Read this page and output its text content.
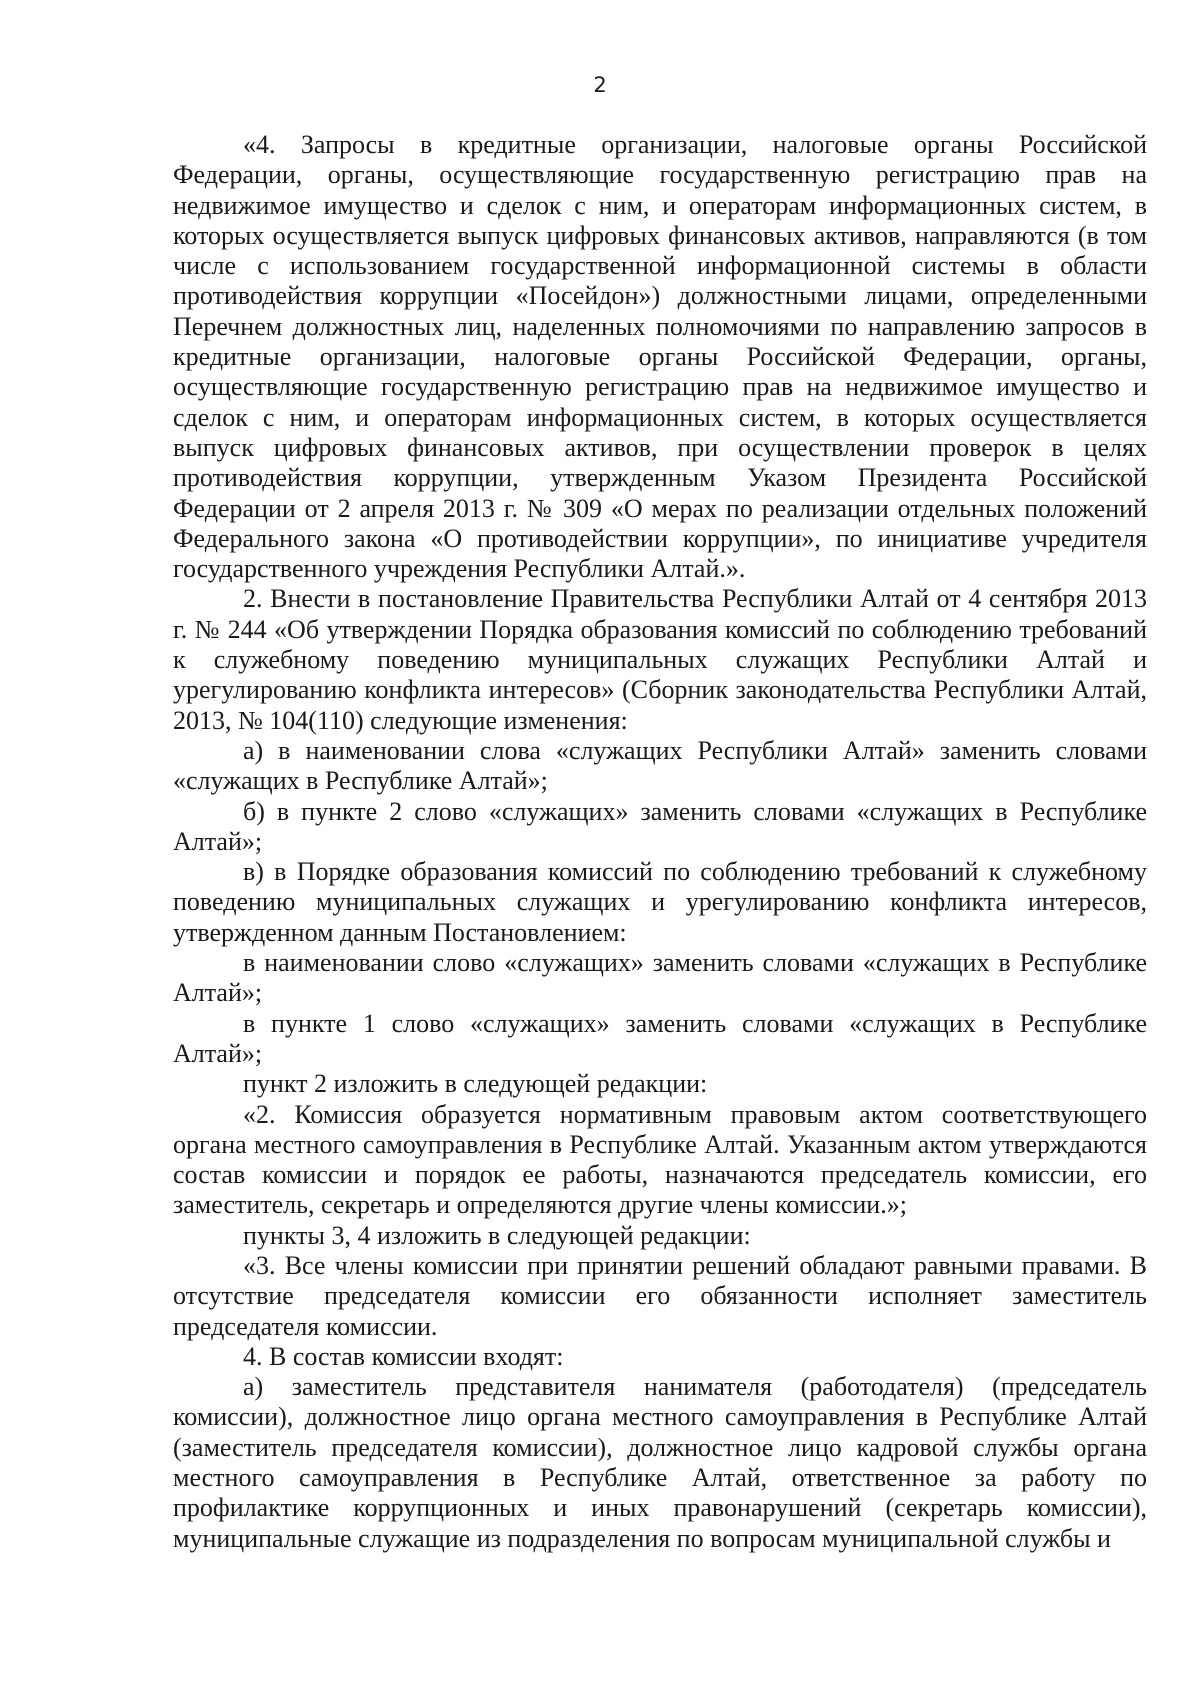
2

«4. Запросы в кредитные организации, налоговые органы Российской Федерации, органы, осуществляющие государственную регистрацию прав на недвижимое имущество и сделок с ним, и операторам информационных систем, в которых осуществляется выпуск цифровых финансовых активов, направляются (в том числе с использованием государственной информационной системы в области противодействия коррупции «Посейдон») должностными лицами, определенными Перечнем должностных лиц, наделенных полномочиями по направлению запросов в кредитные организации, налоговые органы Российской Федерации, органы, осуществляющие государственную регистрацию прав на недвижимое имущество и сделок с ним, и операторам информационных систем, в которых осуществляется выпуск цифровых финансовых активов, при осуществлении проверок в целях противодействия коррупции, утвержденным Указом Президента Российской Федерации от 2 апреля 2013 г. № 309 «О мерах по реализации отдельных положений Федерального закона «О противодействии коррупции», по инициативе учредителя государственного учреждения Республики Алтай.».

2. Внести в постановление Правительства Республики Алтай от 4 сентября 2013 г. № 244 «Об утверждении Порядка образования комиссий по соблюдению требований к служебному поведению муниципальных служащих Республики Алтай и урегулированию конфликта интересов» (Сборник законодательства Республики Алтай, 2013, № 104(110) следующие изменения:

а) в наименовании слова «служащих Республики Алтай» заменить словами «служащих в Республике Алтай»;

б) в пункте 2 слово «служащих» заменить словами «служащих в Республике Алтай»;

в) в Порядке образования комиссий по соблюдению требований к служебному поведению муниципальных служащих и урегулированию конфликта интересов, утвержденном данным Постановлением:

в наименовании слово «служащих» заменить словами «служащих в Республике Алтай»;

в пункте 1 слово «служащих» заменить словами «служащих в Республике Алтай»;

пункт 2 изложить в следующей редакции:

«2. Комиссия образуется нормативным правовым актом соответствующего органа местного самоуправления в Республике Алтай. Указанным актом утверждаются состав комиссии и порядок ее работы, назначаются председатель комиссии, его заместитель, секретарь и определяются другие члены комиссии.»;

пункты 3, 4 изложить в следующей редакции:

«3. Все члены комиссии при принятии решений обладают равными правами. В отсутствие председателя комиссии его обязанности исполняет заместитель председателя комиссии.

4. В состав комиссии входят:

а) заместитель представителя нанимателя (работодателя) (председатель комиссии), должностное лицо органа местного самоуправления в Республике Алтай (заместитель председателя комиссии), должностное лицо кадровой службы органа местного самоуправления в Республике Алтай, ответственное за работу по профилактике коррупционных и иных правонарушений (секретарь комиссии), муниципальные служащие из подразделения по вопросам муниципальной службы и
